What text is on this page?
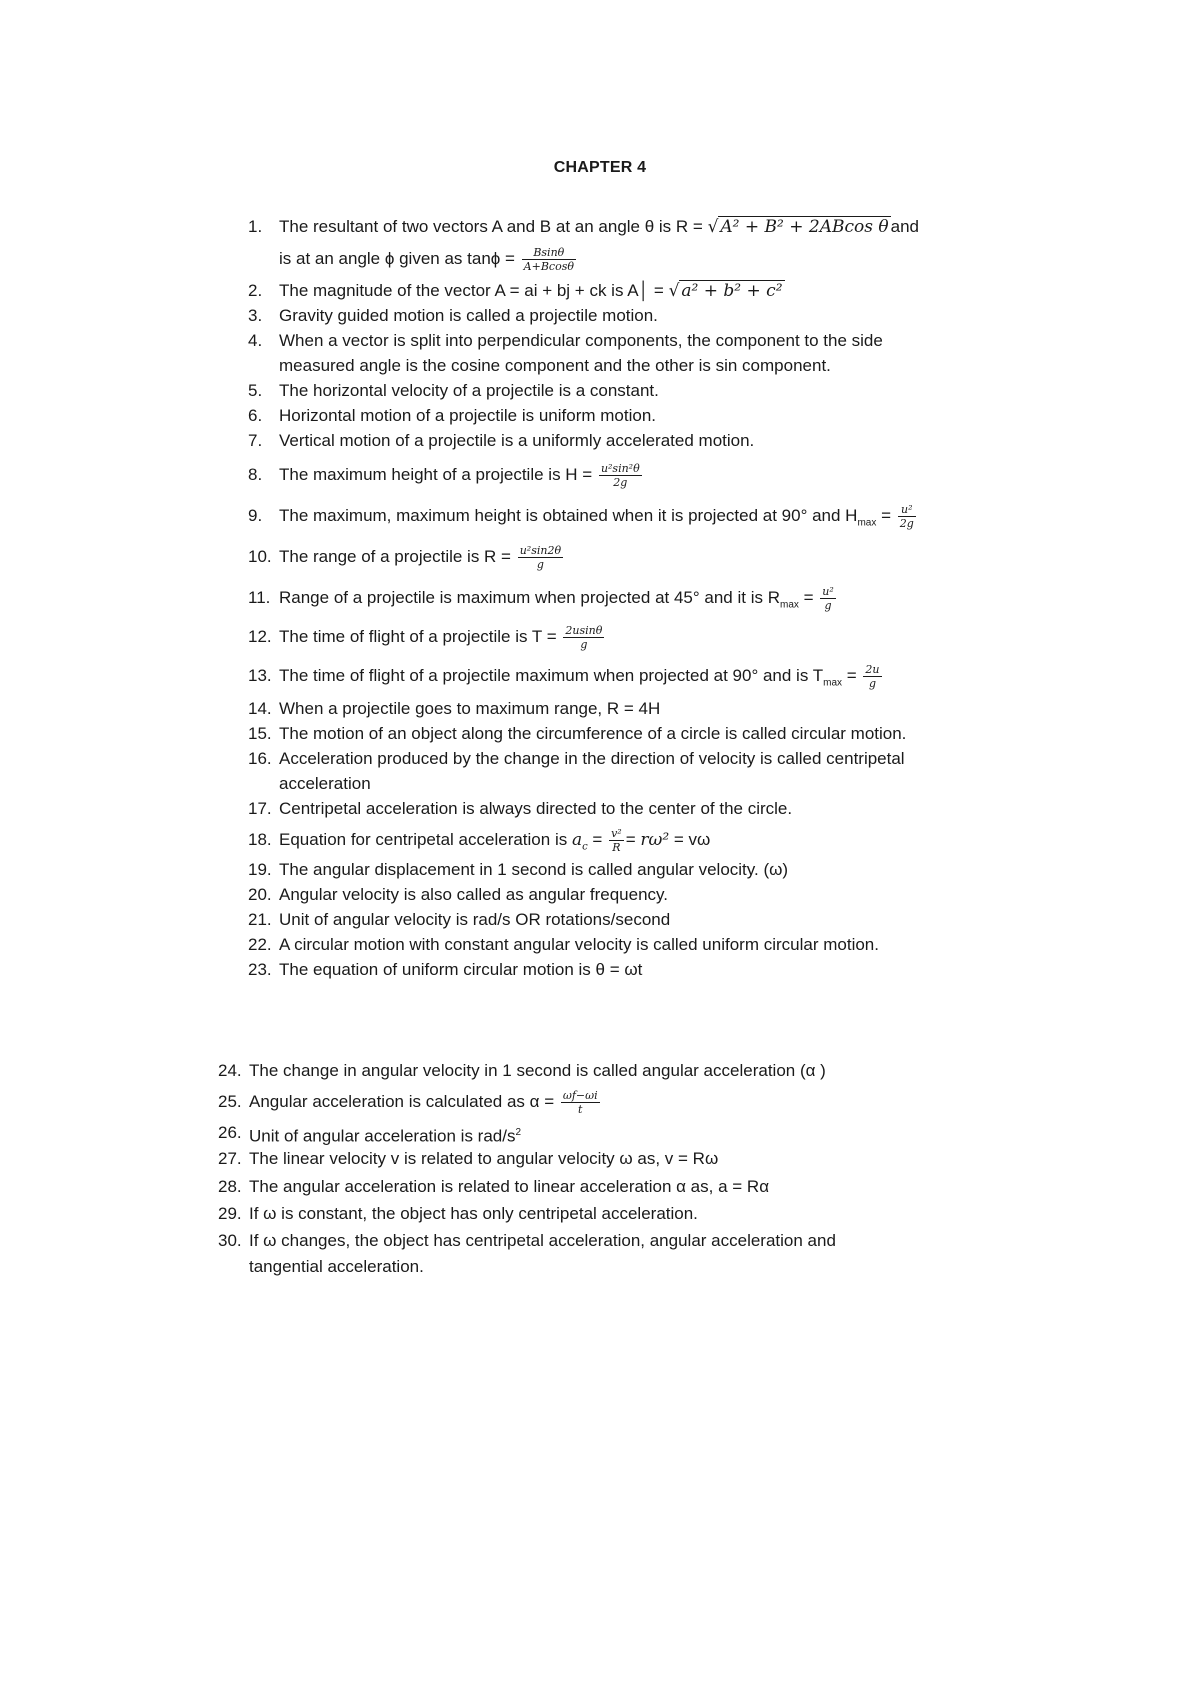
CHAPTER 4
1. The resultant of two vectors A and B at an angle θ is R = √ A² + B² + 2ABcos θ and
is at an angle ϕ given as $\tan\phi = \frac{Bsin\theta}{A+Bcos\theta}$
2. The magnitude of the vector A = ai + bj + ck is A│ = √ a² + b² + c²
3. Gravity guided motion is called a projectile motion.
4. When a vector is split into perpendicular components, the component to the side
measured angle is the cosine component and the other is sin component.
5. The horizontal velocity of a projectile is a constant.
6. Horizontal motion of a projectile is uniform motion.
7. Vertical motion of a projectile is a uniformly accelerated motion.
8. The maximum height of a projectile is $H = \frac{\text{u²sin²θ}}{2g}$
9. The maximum, maximum height is obtained when it is projected at 90° and $H_{max} = \frac{\text{u²}}{2g}$
10. The range of a projectile is $R = \frac{\text{u²sin2θ}}{g}$
11. Range of a projectile is maximum when projected at 45° and it is $R_{max} = \frac{\text{u²}}{g}$
12. The time of flight of a projectile is $T = \frac{2usin\theta}{g}$
13. The time of flight of a projectile maximum when projected at 90° and is $T_{max} = \frac{2u}{g}$
14. When a projectile goes to maximum range, R = 4H
15. The motion of an object along the circumference of a circle is called circular motion.
16. Acceleration produced by the change in the direction of velocity is called centripetal
acceleration
17. Centripetal acceleration is always directed to the center of the circle.
18. Equation for centripetal acceleration is $a_c = \frac{\text{v²}}{R} = r\omega^2 = v\omega$
19. The angular displacement in 1 second is called angular velocity. (ω)
20. Angular velocity is also called as angular frequency.
21. Unit of angular velocity is rad/s OR rotations/second
22. A circular motion with constant angular velocity is called uniform circular motion.
23. The equation of uniform circular motion is θ = ωt
24. The change in angular velocity in 1 second is called angular acceleration (α )
25. Angular acceleration is calculated as $\alpha = \frac{\omega f-\omega i}{t}$
26. Unit of angular acceleration is rad/$s^2$
27. The linear velocity v is related to angular velocity ω as, v = Rω
28. The angular acceleration is related to linear acceleration α as, a = Rα
29. If ω is constant, the object has only centripetal acceleration.
30. If ω changes, the object has centripetal acceleration, angular acceleration and
tangential acceleration.
